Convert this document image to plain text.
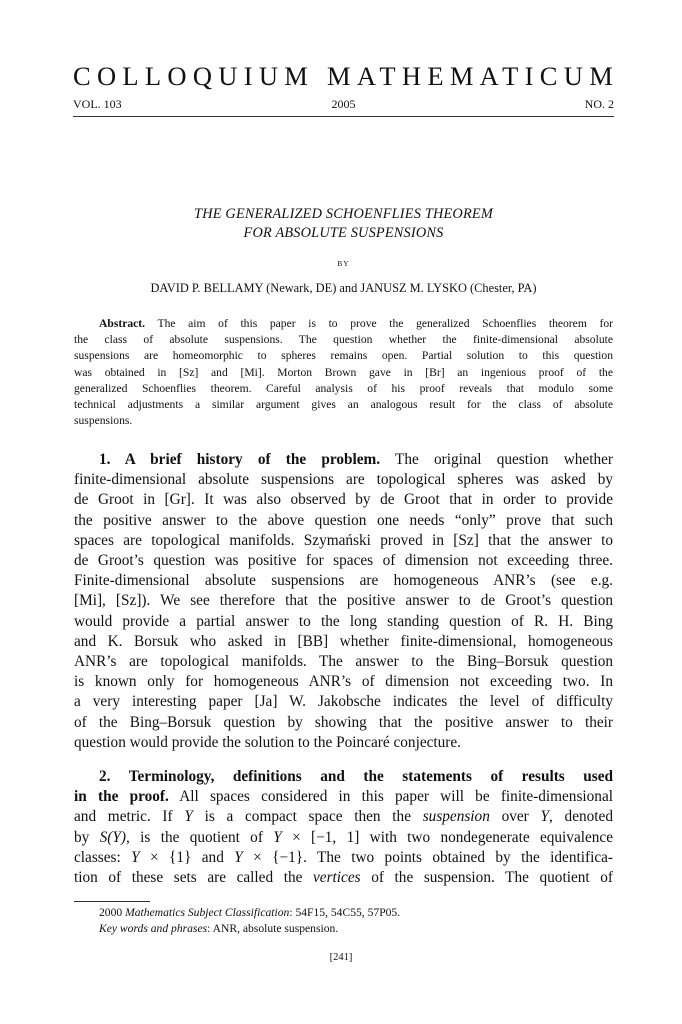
COLLOQUIUM MATHEMATICUM
VOL. 103	2005	NO. 2
THE GENERALIZED SCHOENFLIES THEOREM
FOR ABSOLUTE SUSPENSIONS
BY
DAVID P. BELLAMY (Newark, DE) and JANUSZ M. LYSKO (Chester, PA)
Abstract. The aim of this paper is to prove the generalized Schoenflies theorem for
the class of absolute suspensions. The question whether the finite-dimensional absolute
suspensions are homeomorphic to spheres remains open. Partial solution to this question
was obtained in [Sz] and [Mi]. Morton Brown gave in [Br] an ingenious proof of the
generalized Schoenflies theorem. Careful analysis of his proof reveals that modulo some
technical adjustments a similar argument gives an analogous result for the class of absolute
suspensions.
1. A brief history of the problem. The original question whether
finite-dimensional absolute suspensions are topological spheres was asked by
de Groot in [Gr]. It was also observed by de Groot that in order to provide
the positive answer to the above question one needs “only” prove that such
spaces are topological manifolds. Szymański proved in [Sz] that the answer to
de Groot’s question was positive for spaces of dimension not exceeding three.
Finite-dimensional absolute suspensions are homogeneous ANR’s (see e.g.
[Mi], [Sz]). We see therefore that the positive answer to de Groot’s question
would provide a partial answer to the long standing question of R. H. Bing
and K. Borsuk who asked in [BB] whether finite-dimensional, homogeneous
ANR’s are topological manifolds. The answer to the Bing–Borsuk question
is known only for homogeneous ANR’s of dimension not exceeding two. In
a very interesting paper [Ja] W. Jakobsche indicates the level of difficulty
of the Bing–Borsuk question by showing that the positive answer to their
question would provide the solution to the Poincaré conjecture.
2. Terminology, definitions and the statements of results used
in the proof. All spaces considered in this paper will be finite-dimensional
and metric. If Y is a compact space then the suspension over Y, denoted
by S(Y), is the quotient of Y × [−1, 1] with two nondegenerate equivalence
classes: Y × {1} and Y × {−1}. The two points obtained by the identifica-
tion of these sets are called the vertices of the suspension. The quotient of
2000 Mathematics Subject Classification: 54F15, 54C55, 57P05.
Key words and phrases: ANR, absolute suspension.
[241]
